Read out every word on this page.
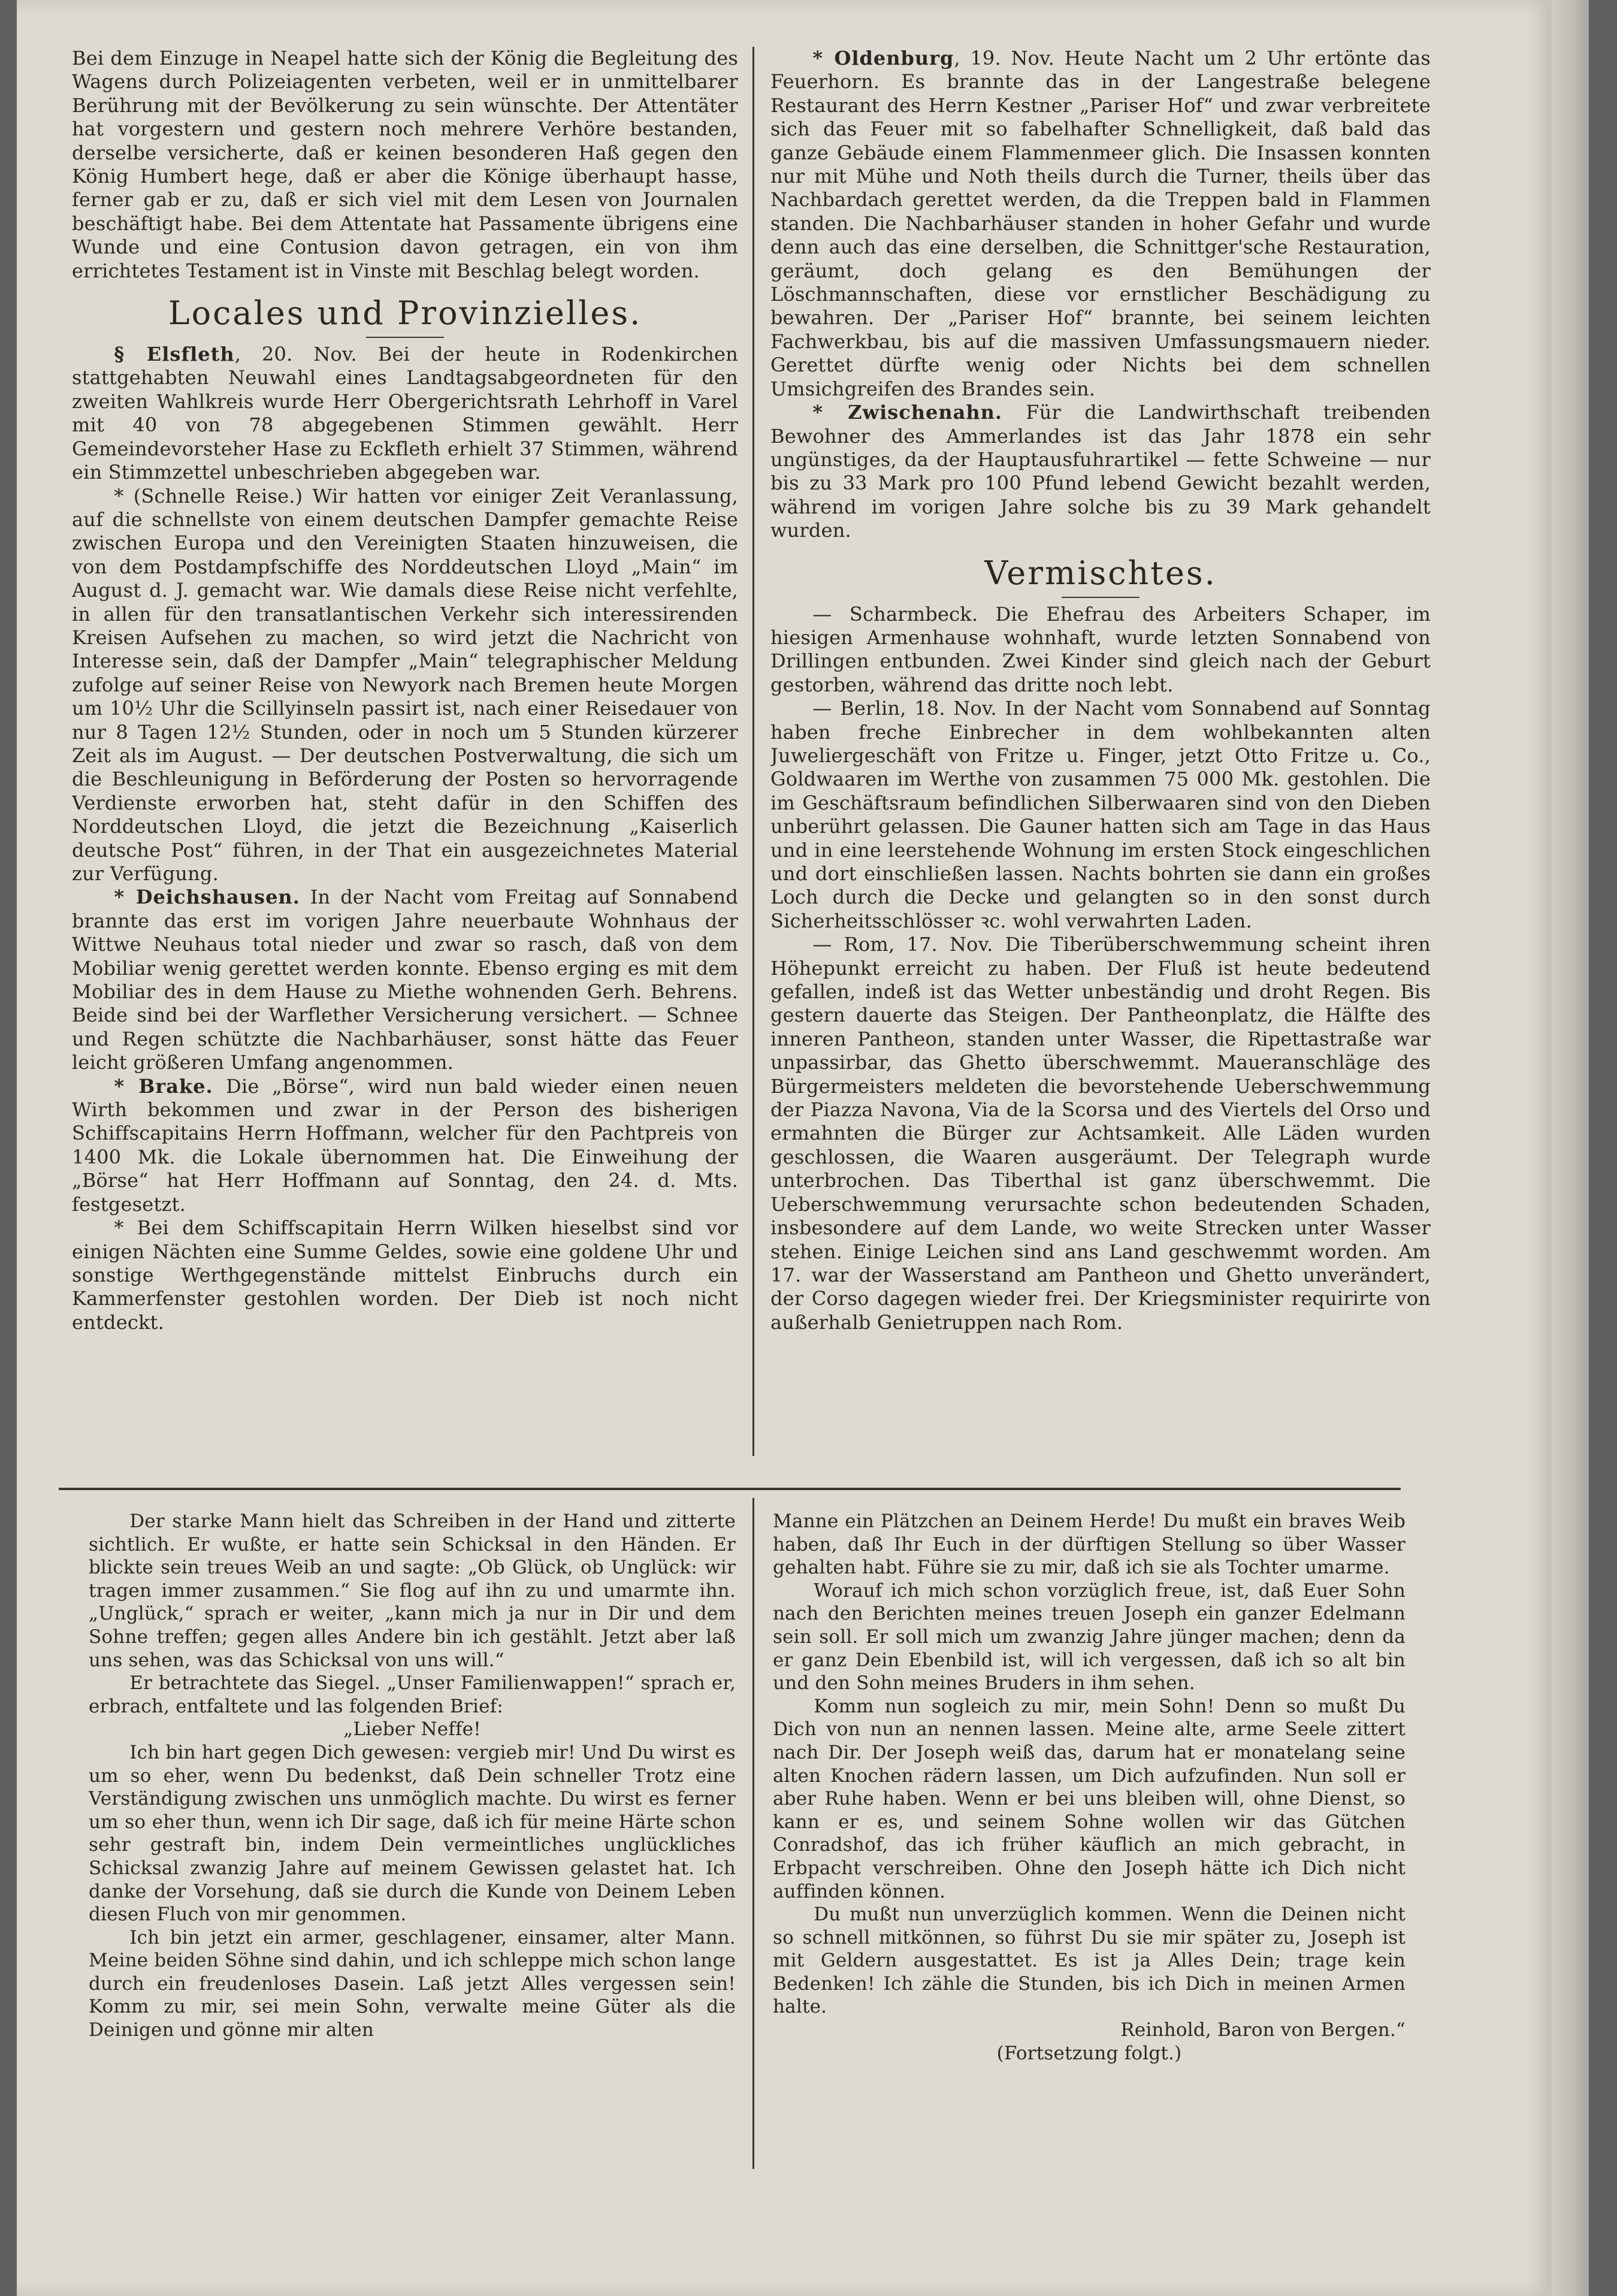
Bei dem Einzuge in Neapel hatte sich der König die Begleitung des Wagens durch Polizeiagenten verbeten, weil er in unmittelbarer Berührung mit der Bevölkerung zu sein wünschte. Der Attentäter hat vorgestern und gestern noch mehrere Verhöre bestanden, derselbe versicherte, daß er keinen besonderen Haß gegen den König Humbert hege, daß er aber die Könige überhaupt hasse, ferner gab er zu, daß er sich viel mit dem Lesen von Journalen beschäftigt habe. Bei dem Attentate hat Passamente übrigens eine Wunde und eine Contusion davon getragen, ein von ihm errichtetes Testament ist in Vinste mit Beschlag belegt worden.

Locales und Provinzielles.

§ Elsfleth, 20. Nov. Bei der heute in Rodenkirchen stattgehabten Neuwahl eines Landtagsabgeordneten für den zweiten Wahlkreis wurde Herr Obergerichtsrath Lehrhoff in Varel mit 40 von 78 abgegebenen Stimmen gewählt. Herr Gemeindevorsteher Hase zu Eckfleth erhielt 37 Stimmen, während ein Stimmzettel unbeschrieben abgegeben war.

* (Schnelle Reise.) Wir hatten vor einiger Zeit Veranlassung, auf die schnellste von einem deutschen Dampfer gemachte Reise zwischen Europa und den Vereinigten Staaten hinzuweisen, die von dem Postdampfschiffe des Norddeutschen Lloyd „Main“ im August d. J. gemacht war. Wie damals diese Reise nicht verfehlte, in allen für den transatlantischen Verkehr sich interessirenden Kreisen Aufsehen zu machen, so wird jetzt die Nachricht von Interesse sein, daß der Dampfer „Main“ telegraphischer Meldung zufolge auf seiner Reise von Newyork nach Bremen heute Morgen um 10½ Uhr die Scillyinseln passirt ist, nach einer Reisedauer von nur 8 Tagen 12½ Stunden, oder in noch um 5 Stunden kürzerer Zeit als im August. — Der deutschen Postverwaltung, die sich um die Beschleunigung in Beförderung der Posten so hervorragende Verdienste erworben hat, steht dafür in den Schiffen des Norddeutschen Lloyd, die jetzt die Bezeichnung „Kaiserlich deutsche Post“ führen, in der That ein ausgezeichnetes Material zur Verfügung.

* Deichshausen. In der Nacht vom Freitag auf Sonnabend brannte das erst im vorigen Jahre neuerbaute Wohnhaus der Wittwe Neuhaus total nieder und zwar so rasch, daß von dem Mobiliar wenig gerettet werden konnte. Ebenso erging es mit dem Mobiliar des in dem Hause zu Miethe wohnenden Gerh. Behrens. Beide sind bei der Warflether Versicherung versichert. — Schnee und Regen schützte die Nachbarhäuser, sonst hätte das Feuer leicht größeren Umfang angenommen.

* Brake. Die „Börse“, wird nun bald wieder einen neuen Wirth bekommen und zwar in der Person des bisherigen Schiffscapitains Herrn Hoffmann, welcher für den Pachtpreis von 1400 Mk. die Lokale übernommen hat. Die Einweihung der „Börse“ hat Herr Hoffmann auf Sonntag, den 24. d. Mts. festgesetzt.

* Bei dem Schiffscapitain Herrn Wilken hieselbst sind vor einigen Nächten eine Summe Geldes, sowie eine goldene Uhr und sonstige Werthgegenstände mittelst Einbruchs durch ein Kammerfenster gestohlen worden. Der Dieb ist noch nicht entdeckt.

* Oldenburg, 19. Nov. Heute Nacht um 2 Uhr ertönte das Feuerhorn. Es brannte das in der Langestraße belegene Restaurant des Herrn Kestner „Pariser Hof“ und zwar verbreitete sich das Feuer mit so fabelhafter Schnelligkeit, daß bald das ganze Gebäude einem Flammenmeer glich. Die Insassen konnten nur mit Mühe und Noth theils durch die Turner, theils über das Nachbardach gerettet werden, da die Treppen bald in Flammen standen. Die Nachbarhäuser standen in hoher Gefahr und wurde denn auch das eine derselben, die Schnittger'sche Restauration, geräumt, doch gelang es den Bemühungen der Löschmannschaften, diese vor ernstlicher Beschädigung zu bewahren. Der „Pariser Hof“ brannte, bei seinem leichten Fachwerkbau, bis auf die massiven Umfassungsmauern nieder. Gerettet dürfte wenig oder Nichts bei dem schnellen Umsichgreifen des Brandes sein.

* Zwischenahn. Für die Landwirthschaft treibenden Bewohner des Ammerlandes ist das Jahr 1878 ein sehr ungünstiges, da der Hauptausfuhrartikel — fette Schweine — nur bis zu 33 Mark pro 100 Pfund lebend Gewicht bezahlt werden, während im vorigen Jahre solche bis zu 39 Mark gehandelt wurden.

Vermischtes.

— Scharmbeck. Die Ehefrau des Arbeiters Schaper, im hiesigen Armenhause wohnhaft, wurde letzten Sonnabend von Drillingen entbunden. Zwei Kinder sind gleich nach der Geburt gestorben, während das dritte noch lebt.

— Berlin, 18. Nov. In der Nacht vom Sonnabend auf Sonntag haben freche Einbrecher in dem wohlbekannten alten Juweliergeschäft von Fritze u. Finger, jetzt Otto Fritze u. Co., Goldwaaren im Werthe von zusammen 75 000 Mk. gestohlen. Die im Geschäftsraum befindlichen Silberwaaren sind von den Dieben unberührt gelassen. Die Gauner hatten sich am Tage in das Haus und in eine leerstehende Wohnung im ersten Stock eingeschlichen und dort einschließen lassen. Nachts bohrten sie dann ein großes Loch durch die Decke und gelangten so in den sonst durch Sicherheitsschlösser ꝛc. wohl verwahrten Laden.

— Rom, 17. Nov. Die Tiberüberschwemmung scheint ihren Höhepunkt erreicht zu haben. Der Fluß ist heute bedeutend gefallen, indeß ist das Wetter unbeständig und droht Regen. Bis gestern dauerte das Steigen. Der Pantheonplatz, die Hälfte des inneren Pantheon, standen unter Wasser, die Ripettastraße war unpassirbar, das Ghetto überschwemmt. Maueranschläge des Bürgermeisters meldeten die bevorstehende Ueberschwemmung der Piazza Navona, Via de la Scorsa und des Viertels del Orso und ermahnten die Bürger zur Achtsamkeit. Alle Läden wurden geschlossen, die Waaren ausgeräumt. Der Telegraph wurde unterbrochen. Das Tiberthal ist ganz überschwemmt. Die Ueberschwemmung verursachte schon bedeutenden Schaden, insbesondere auf dem Lande, wo weite Strecken unter Wasser stehen. Einige Leichen sind ans Land geschwemmt worden. Am 17. war der Wasserstand am Pantheon und Ghetto unverändert, der Corso dagegen wieder frei. Der Kriegsminister requirirte von außerhalb Genietruppen nach Rom.

Der starke Mann hielt das Schreiben in der Hand und zitterte sichtlich. Er wußte, er hatte sein Schicksal in den Händen. Er blickte sein treues Weib an und sagte: „Ob Glück, ob Unglück: wir tragen immer zusammen.“ Sie flog auf ihn zu und umarmte ihn. „Unglück,“ sprach er weiter, „kann mich ja nur in Dir und dem Sohne treffen; gegen alles Andere bin ich gestählt. Jetzt aber laß uns sehen, was das Schicksal von uns will.“

Er betrachtete das Siegel. „Unser Familienwappen!“ sprach er, erbrach, entfaltete und las folgenden Brief:

„Lieber Neffe!

Ich bin hart gegen Dich gewesen: vergieb mir! Und Du wirst es um so eher, wenn Du bedenkst, daß Dein schneller Trotz eine Verständigung zwischen uns unmöglich machte. Du wirst es ferner um so eher thun, wenn ich Dir sage, daß ich für meine Härte schon sehr gestraft bin, indem Dein vermeintliches unglückliches Schicksal zwanzig Jahre auf meinem Gewissen gelastet hat. Ich danke der Vorsehung, daß sie durch die Kunde von Deinem Leben diesen Fluch von mir genommen.

Ich bin jetzt ein armer, geschlagener, einsamer, alter Mann. Meine beiden Söhne sind dahin, und ich schleppe mich schon lange durch ein freudenloses Dasein. Laß jetzt Alles vergessen sein! Komm zu mir, sei mein Sohn, verwalte meine Güter als die Deinigen und gönne mir alten

Manne ein Plätzchen an Deinem Herde! Du mußt ein braves Weib haben, daß Ihr Euch in der dürftigen Stellung so über Wasser gehalten habt. Führe sie zu mir, daß ich sie als Tochter umarme.

Worauf ich mich schon vorzüglich freue, ist, daß Euer Sohn nach den Berichten meines treuen Joseph ein ganzer Edelmann sein soll. Er soll mich um zwanzig Jahre jünger machen; denn da er ganz Dein Ebenbild ist, will ich vergessen, daß ich so alt bin und den Sohn meines Bruders in ihm sehen.

Komm nun sogleich zu mir, mein Sohn! Denn so mußt Du Dich von nun an nennen lassen. Meine alte, arme Seele zittert nach Dir. Der Joseph weiß das, darum hat er monatelang seine alten Knochen rädern lassen, um Dich aufzufinden. Nun soll er aber Ruhe haben. Wenn er bei uns bleiben will, ohne Dienst, so kann er es, und seinem Sohne wollen wir das Gütchen Conradshof, das ich früher käuflich an mich gebracht, in Erbpacht verschreiben. Ohne den Joseph hätte ich Dich nicht auffinden können.

Du mußt nun unverzüglich kommen. Wenn die Deinen nicht so schnell mitkönnen, so führst Du sie mir später zu, Joseph ist mit Geldern ausgestattet. Es ist ja Alles Dein; trage kein Bedenken! Ich zähle die Stunden, bis ich Dich in meinen Armen halte.

Reinhold, Baron von Bergen.“

(Fortsetzung folgt.)
